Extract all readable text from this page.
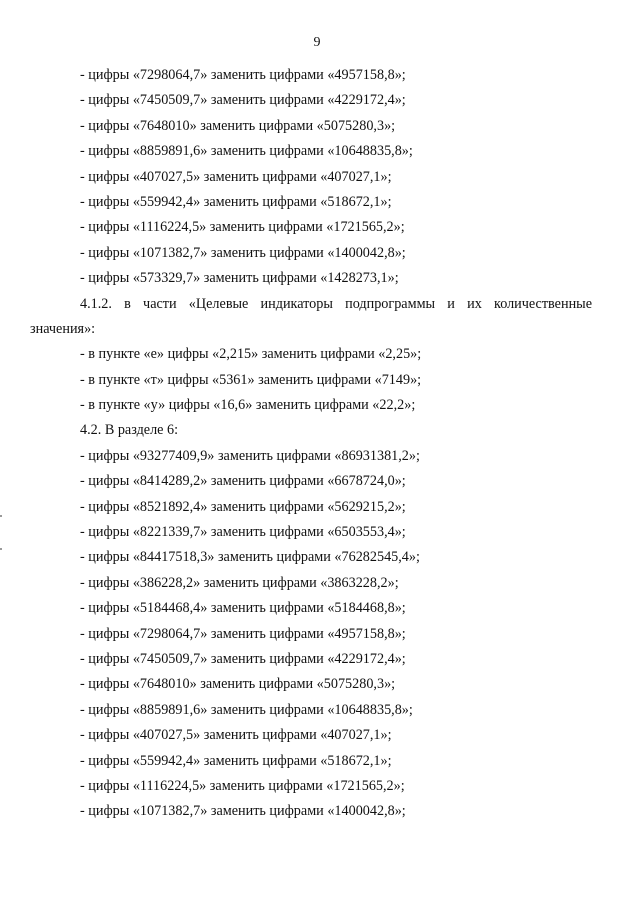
9
- цифры «7298064,7» заменить цифрами «4957158,8»;
- цифры «7450509,7» заменить цифрами «4229172,4»;
- цифры «7648010» заменить цифрами «5075280,3»;
- цифры «8859891,6» заменить цифрами «10648835,8»;
- цифры «407027,5» заменить цифрами «407027,1»;
- цифры «559942,4» заменить цифрами «518672,1»;
- цифры «1116224,5» заменить цифрами «1721565,2»;
- цифры «1071382,7» заменить цифрами «1400042,8»;
- цифры «573329,7» заменить цифрами «1428273,1»;
4.1.2. в части «Целевые индикаторы подпрограммы и их количественные
значения»:
- в пункте «е» цифры «2,215» заменить цифрами «2,25»;
- в пункте «т» цифры «5361» заменить цифрами «7149»;
- в пункте «у» цифры «16,6» заменить цифрами «22,2»;
4.2. В разделе 6:
- цифры «93277409,9» заменить цифрами «86931381,2»;
- цифры «8414289,2» заменить цифрами «6678724,0»;
- цифры «8521892,4» заменить цифрами «5629215,2»;
- цифры «8221339,7» заменить цифрами «6503553,4»;
- цифры «84417518,3» заменить цифрами «76282545,4»;
- цифры «386228,2» заменить цифрами «3863228,2»;
- цифры «5184468,4» заменить цифрами «5184468,8»;
- цифры «7298064,7» заменить цифрами «4957158,8»;
- цифры «7450509,7» заменить цифрами «4229172,4»;
- цифры «7648010» заменить цифрами «5075280,3»;
- цифры «8859891,6» заменить цифрами «10648835,8»;
- цифры «407027,5» заменить цифрами «407027,1»;
- цифры «559942,4» заменить цифрами «518672,1»;
- цифры «1116224,5» заменить цифрами «1721565,2»;
- цифры «1071382,7» заменить цифрами «1400042,8»;
